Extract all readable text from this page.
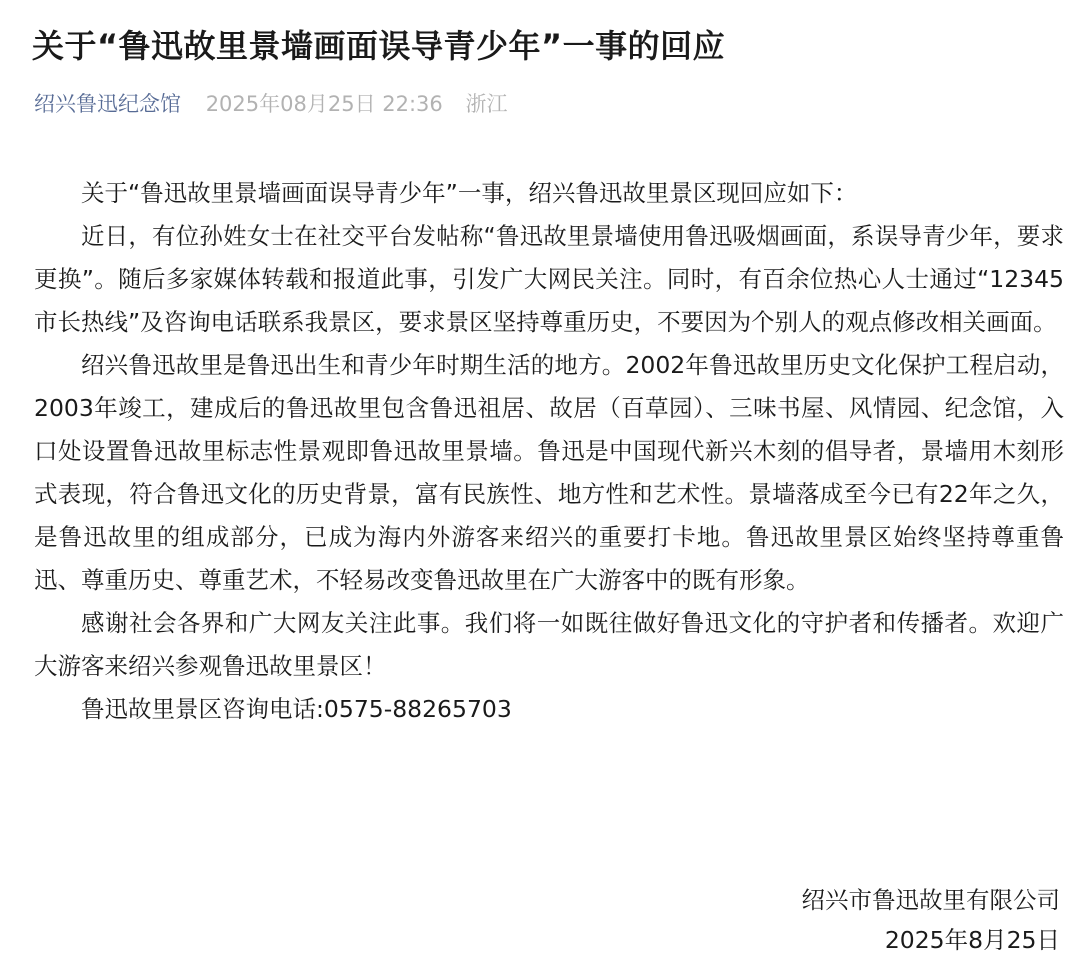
关于“鲁迅故里景墙画面误导青少年”一事的回应
绍兴鲁迅纪念馆 2025年08月25日 22:36 浙江

关于“鲁迅故里景墙画面误导青少年”一事，绍兴鲁迅故里景区现回应如下：

近日，有位孙姓女士在社交平台发帖称“鲁迅故里景墙使用鲁迅吸烟画面，系误导青少年，要求更换”。随后多家媒体转载和报道此事，引发广大网民关注。同时，有百余位热心人士通过“12345市长热线”及咨询电话联系我景区，要求景区坚持尊重历史，不要因为个别人的观点修改相关画面。

绍兴鲁迅故里是鲁迅出生和青少年时期生活的地方。2002年鲁迅故里历史文化保护工程启动，2003年竣工，建成后的鲁迅故里包含鲁迅祖居、故居（百草园）、三味书屋、风情园、纪念馆，入口处设置鲁迅故里标志性景观即鲁迅故里景墙。鲁迅是中国现代新兴木刻的倡导者，景墙用木刻形式表现，符合鲁迅文化的历史背景，富有民族性、地方性和艺术性。景墙落成至今已有22年之久，是鲁迅故里的组成部分，已成为海内外游客来绍兴的重要打卡地。鲁迅故里景区始终坚持尊重鲁迅、尊重历史、尊重艺术，不轻易改变鲁迅故里在广大游客中的既有形象。

感谢社会各界和广大网友关注此事。我们将一如既往做好鲁迅文化的守护者和传播者。欢迎广大游客来绍兴参观鲁迅故里景区！

鲁迅故里景区咨询电话:0575-88265703

绍兴市鲁迅故里有限公司
2025年8月25日
